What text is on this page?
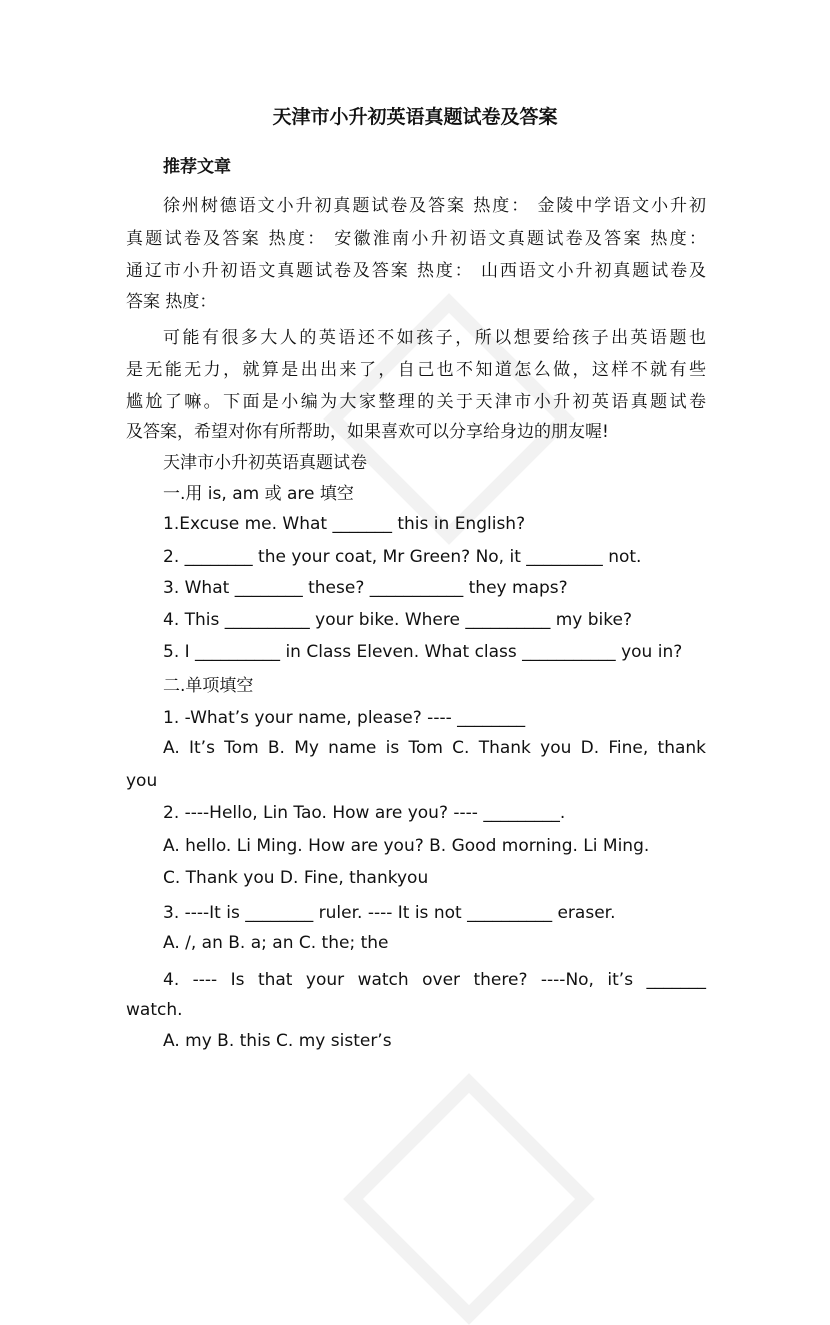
天津市小升初英语真题试卷及答案
推荐文章
徐州树德语文小升初真题试卷及答案 热度： 金陵中学语文小升初
真题试卷及答案 热度： 安徽淮南小升初语文真题试卷及答案 热度：
通辽市小升初语文真题试卷及答案 热度： 山西语文小升初真题试卷及
答案 热度：
可能有很多大人的英语还不如孩子，所以想要给孩子出英语题也
是无能无力，就算是出出来了，自己也不知道怎么做，这样不就有些
尴尬了嘛。下面是小编为大家整理的关于天津市小升初英语真题试卷
及答案，希望对你有所帮助，如果喜欢可以分享给身边的朋友喔!
天津市小升初英语真题试卷
一.用 is, am 或 are 填空
1.Excuse me. What _______ this in English?
2. ________ the your coat, Mr Green? No, it _________ not.
3. What ________ these? ___________ they maps?
4. This __________ your bike. Where __________ my bike?
5. I __________ in Class Eleven. What class ___________ you in?
二.单项填空
1. -What’s your name, please? ---- ________
A. It’s Tom B. My name is Tom C. Thank you D. Fine, thank
you
2. ----Hello, Lin Tao. How are you? ---- _________.
A. hello. Li Ming. How are you? B. Good morning. Li Ming.
C. Thank you D. Fine, thankyou
3. ----It is ________ ruler. ---- It is not __________ eraser.
A. /, an B. a; an C. the; the
4. ---- Is that your watch over there? ----No, it’s _______
watch.
A. my B. this C. my sister’s
